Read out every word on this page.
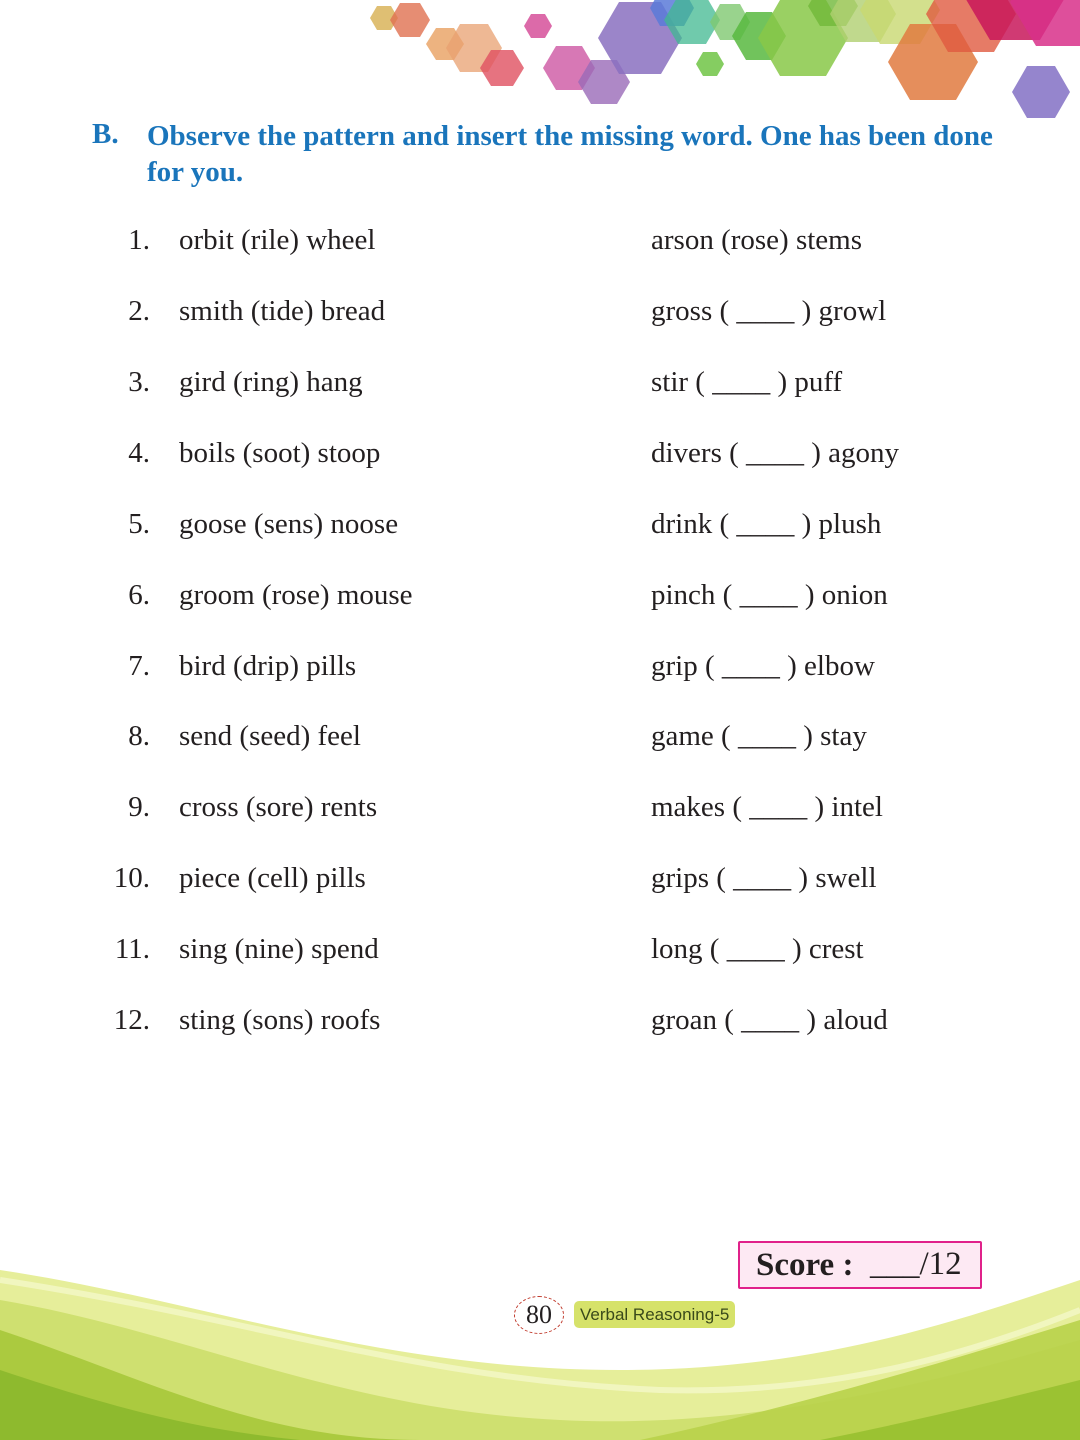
B. Observe the pattern and insert the missing word. One has been done for you.
1. orbit (rile) wheel	arson (rose) stems
2. smith (tide) bread	gross ( ____ ) growl
3. gird (ring) hang	stir ( ____ ) puff
4. boils (soot) stoop	divers ( ____ ) agony
5. goose (sens) noose	drink ( ____ ) plush
6. groom (rose) mouse	pinch ( ____ ) onion
7. bird (drip) pills	grip ( ____ ) elbow
8. send (seed) feel	game ( ____ ) stay
9. cross (sore) rents	makes ( ____ ) intel
10. piece (cell) pills	grips ( ____ ) swell
11. sing (nine) spend	long ( ____ ) crest
12. sting (sons) roofs	groan ( ____ ) aloud
Score : ___/12
80	Verbal Reasoning-5
